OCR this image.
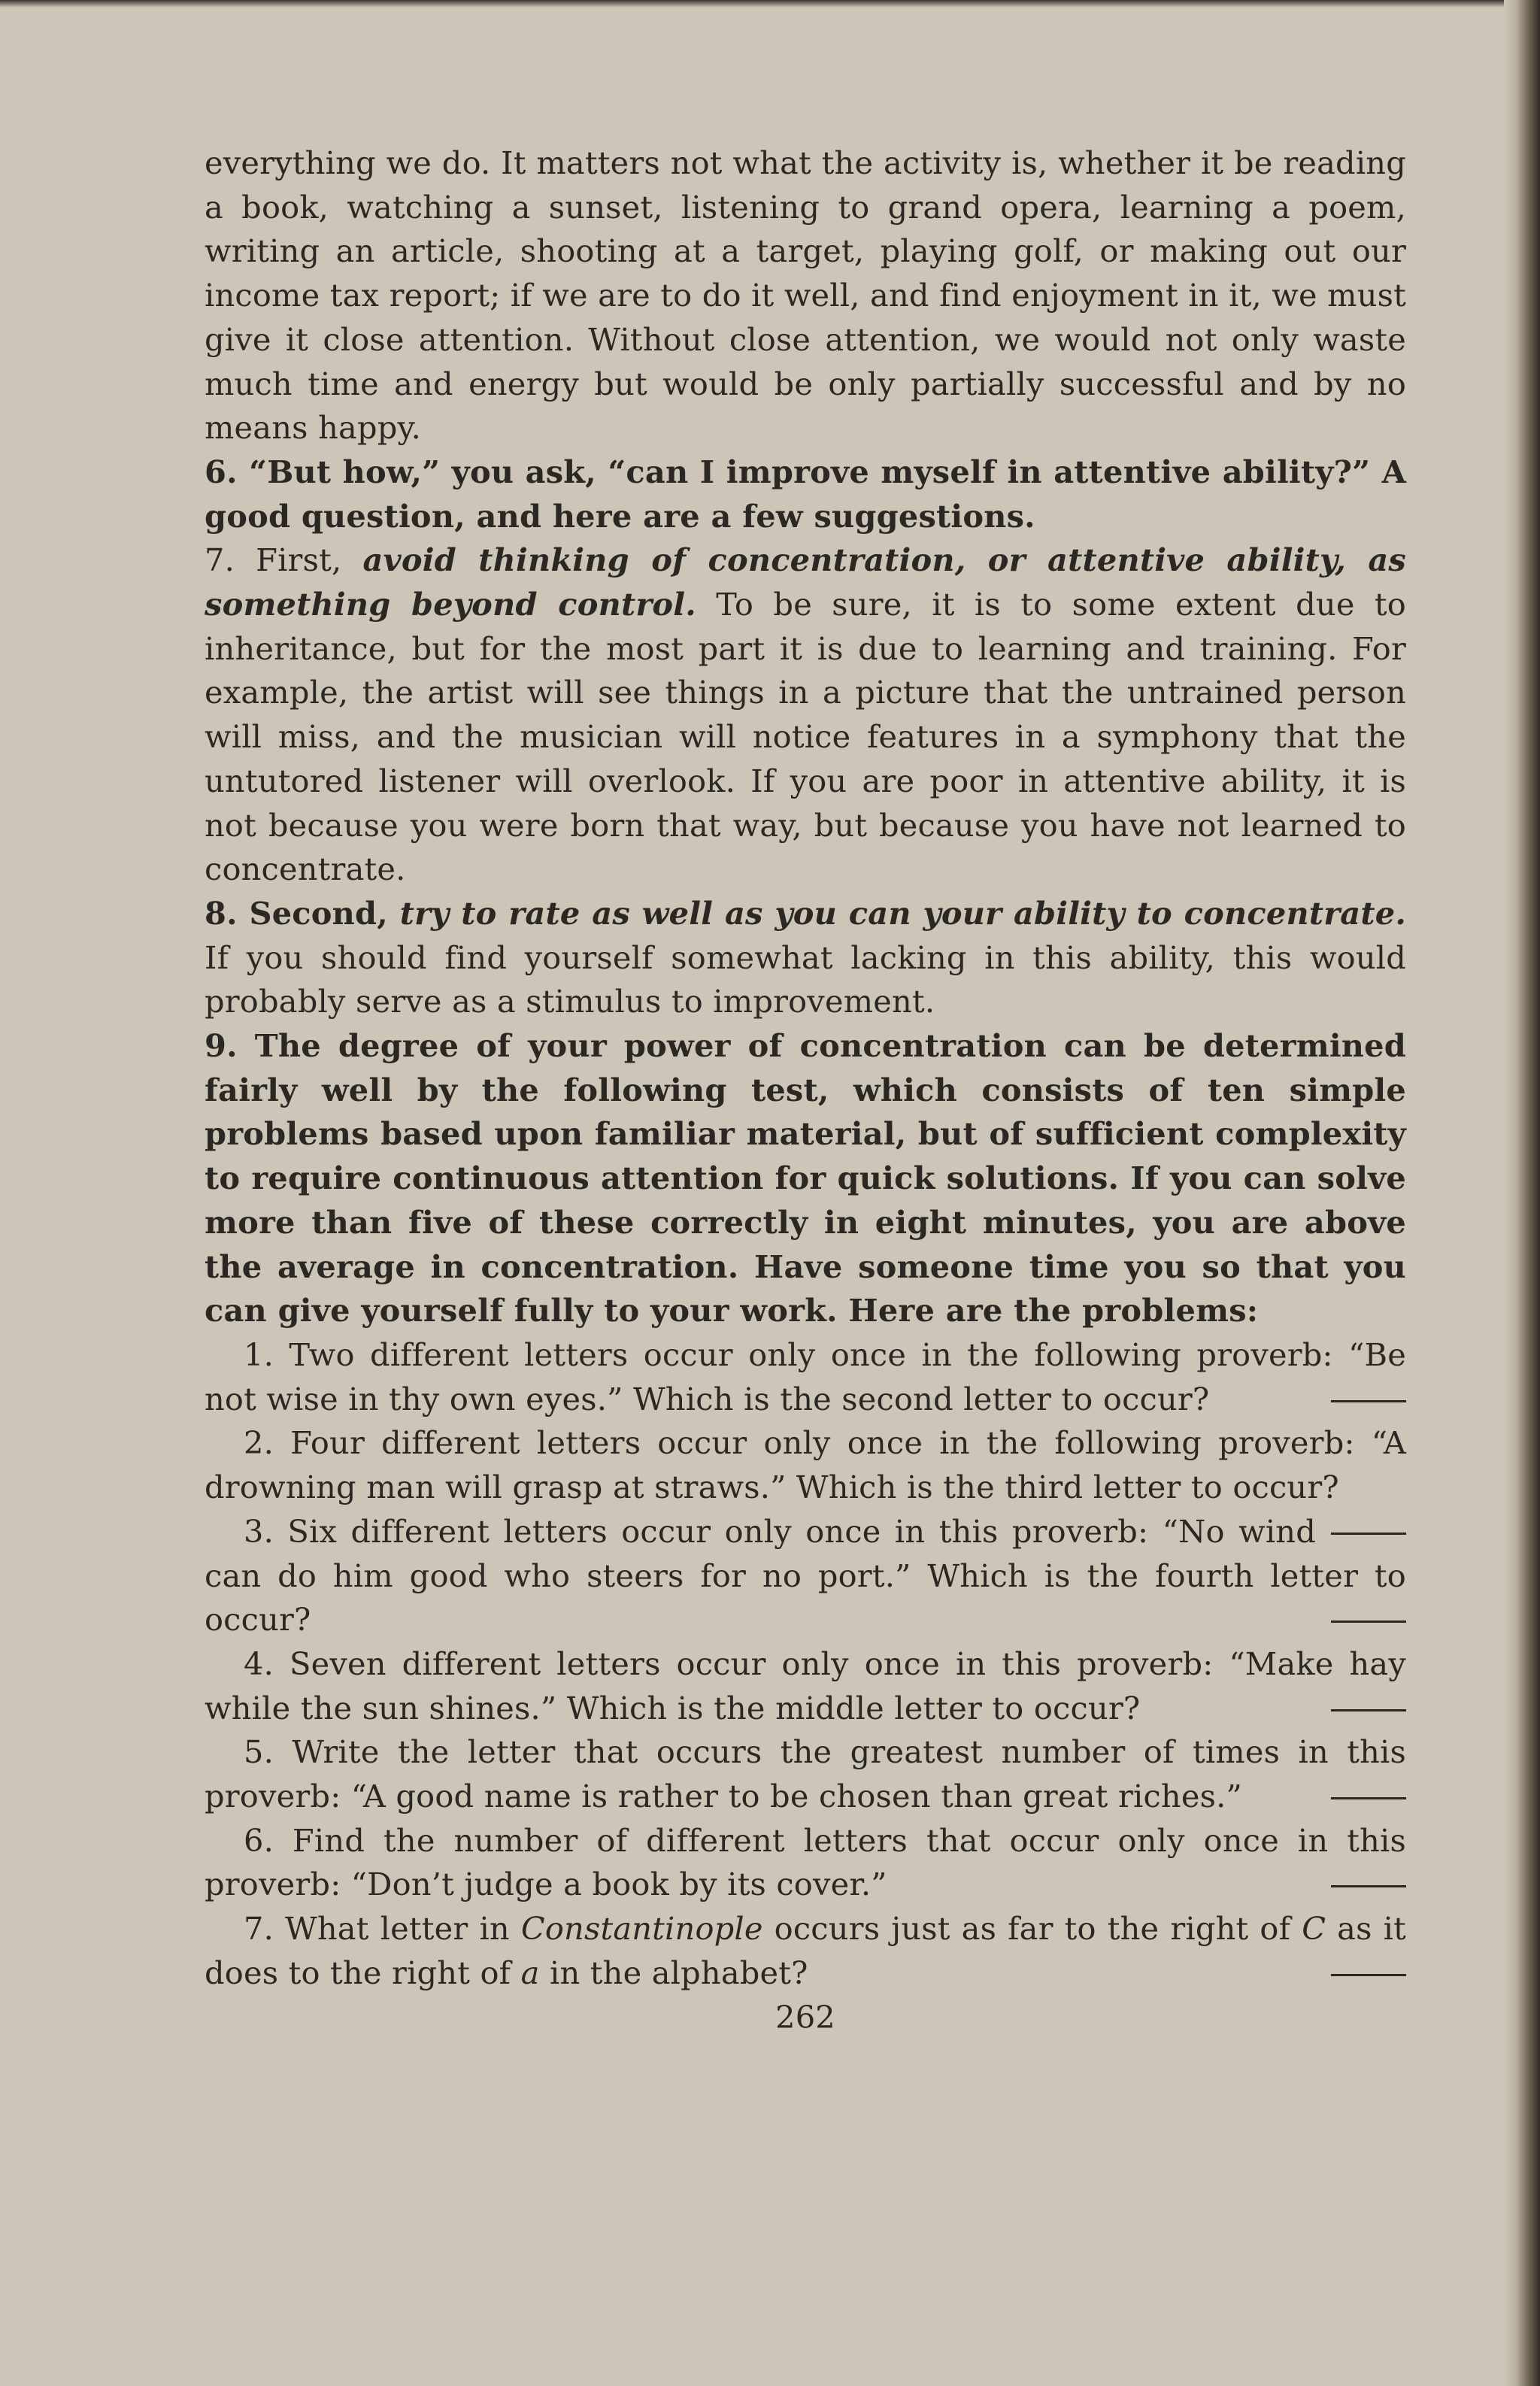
everything we do. It matters not what the activity is, whether it be reading a book, watching a sunset, listening to grand opera, learning a poem, writing an article, shooting at a target, playing golf, or making out our income tax report; if we are to do it well, and find enjoyment in it, we must give it close attention. Without close attention, we would not only waste much time and energy but would be only partially successful and by no means happy.

6. “But how,” you ask, “can I improve myself in attentive ability?” A good question, and here are a few suggestions.

7. First, avoid thinking of concentration, or attentive ability, as something beyond control. To be sure, it is to some extent due to inheritance, but for the most part it is due to learning and training. For example, the artist will see things in a picture that the untrained person will miss, and the musician will notice features in a symphony that the untutored listener will overlook. If you are poor in attentive ability, it is not because you were born that way, but because you have not learned to concentrate.

8. Second, try to rate as well as you can your ability to concentrate. If you should find yourself somewhat lacking in this ability, this would probably serve as a stimulus to improvement.

9. The degree of your power of concentration can be determined fairly well by the following test, which consists of ten simple problems based upon familiar material, but of sufficient complexity to require continuous attention for quick solutions. If you can solve more than five of these correctly in eight minutes, you are above the average in concentration. Have someone time you so that you can give yourself fully to your work. Here are the problems:

1. Two different letters occur only once in the following proverb: “Be not wise in thy own eyes.” Which is the second letter to occur?

2. Four different letters occur only once in the following proverb: “A drowning man will grasp at straws.” Which is the third letter to occur?

3. Six different letters occur only once in this proverb: “No wind can do him good who steers for no port.” Which is the fourth letter to occur?

4. Seven different letters occur only once in this proverb: “Make hay while the sun shines.” Which is the middle letter to occur?

5. Write the letter that occurs the greatest number of times in this proverb: “A good name is rather to be chosen than great riches.”

6. Find the number of different letters that occur only once in this proverb: “Don’t judge a book by its cover.”

7. What letter in Constantinople occurs just as far to the right of C as it does to the right of a in the alphabet?

262
